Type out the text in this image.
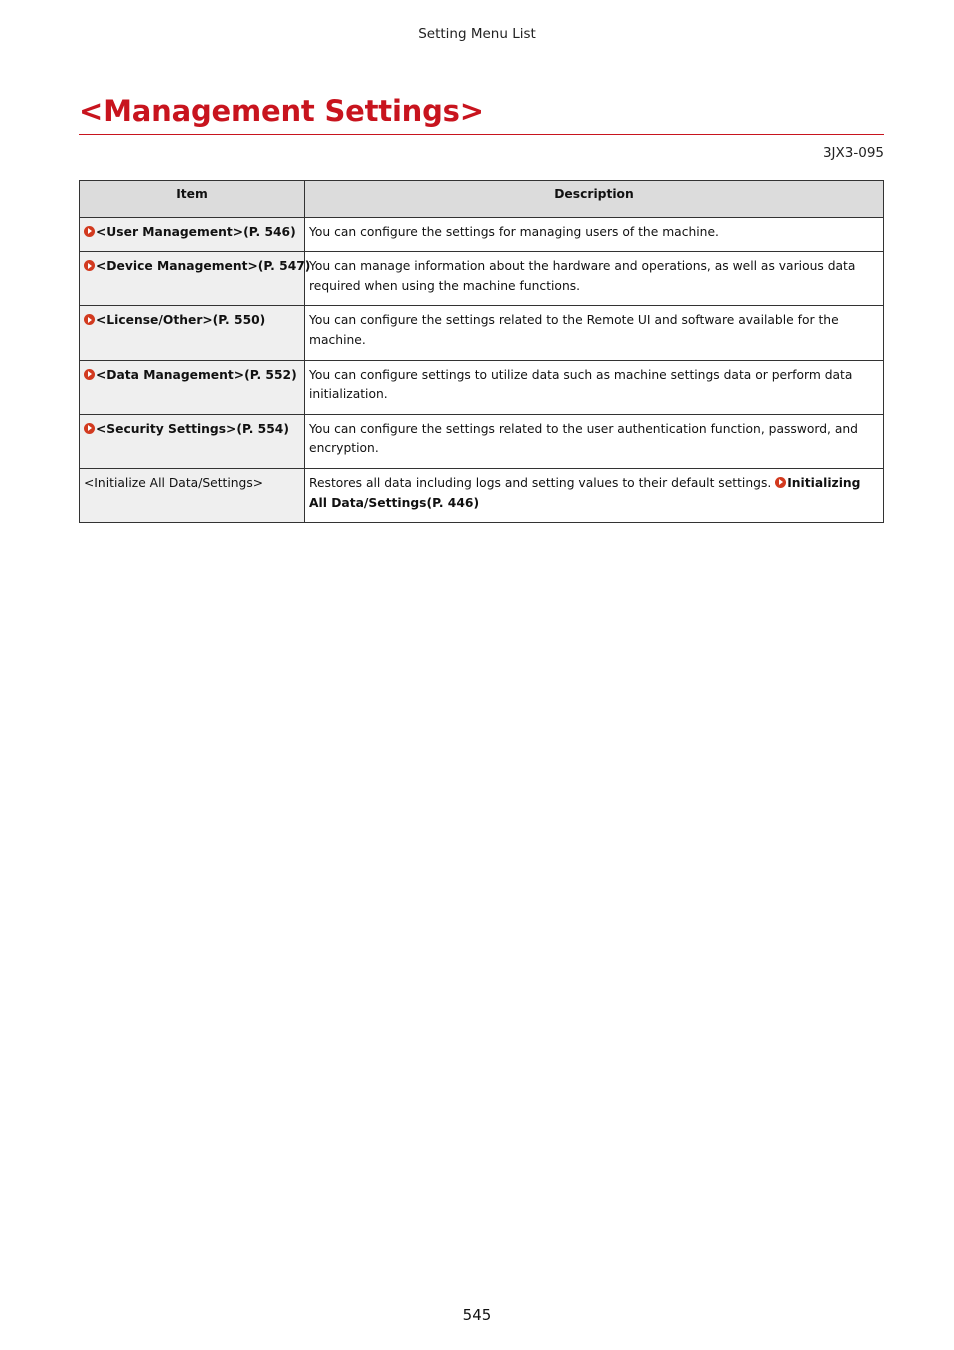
Setting Menu List
<Management Settings>
3JX3-095
Item	Description
<User Management>(P. 546)	You can configure the settings for managing users of the machine.
<Device Management>(P. 547)	You can manage information about the hardware and operations, as well as various data required when using the machine functions.
<License/Other>(P. 550)	You can configure the settings related to the Remote UI and software available for the machine.
<Data Management>(P. 552)	You can configure settings to utilize data such as machine settings data or perform data initialization.
<Security Settings>(P. 554)	You can configure the settings related to the user authentication function, password, and encryption.
<Initialize All Data/Settings>	Restores all data including logs and setting values to their default settings. Initializing All Data/Settings(P. 446)
545
